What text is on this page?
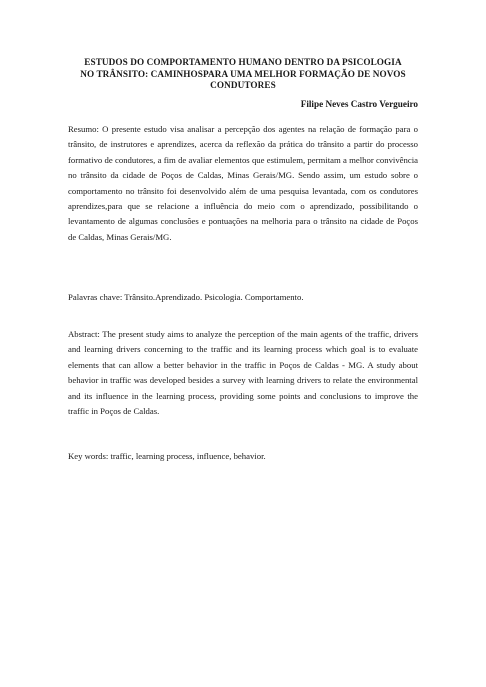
ESTUDOS DO COMPORTAMENTO HUMANO DENTRO DA PSICOLOGIA
NO TRÂNSITO: CAMINHOSPARA UMA MELHOR FORMAÇÃO DE NOVOS
CONDUTORES
Filipe Neves Castro Vergueiro

Resumo: O presente estudo visa analisar a percepção dos agentes na relação de formação para o trânsito, de instrutores e aprendizes, acerca da reflexão da prática do trânsito a partir do processo formativo de condutores, a fim de avaliar elementos que estimulem, permitam a melhor convivência no trânsito da cidade de Poços de Caldas, Minas Gerais/MG. Sendo assim, um estudo sobre o comportamento no trânsito foi desenvolvido além de uma pesquisa levantada, com os condutores aprendizes,para que se relacione a influência do meio com o aprendizado, possibilitando o levantamento de algumas conclusões e pontuações na melhoria para o trânsito na cidade de Poços de Caldas, Minas Gerais/MG.

Palavras chave: Trânsito.Aprendizado. Psicologia. Comportamento.

Abstract: The present study aims to analyze the perception of the main agents of the traffic, drivers and learning drivers concerning to the traffic and its learning process which goal is to evaluate elements that can allow a better behavior in the traffic in Poços de Caldas - MG. A study about behavior in traffic was developed besides a survey with learning drivers to relate the environmental and its influence in the learning process, providing some points and conclusions to improve the traffic in Poços de Caldas.

Key words: traffic, learning process, influence, behavior.
